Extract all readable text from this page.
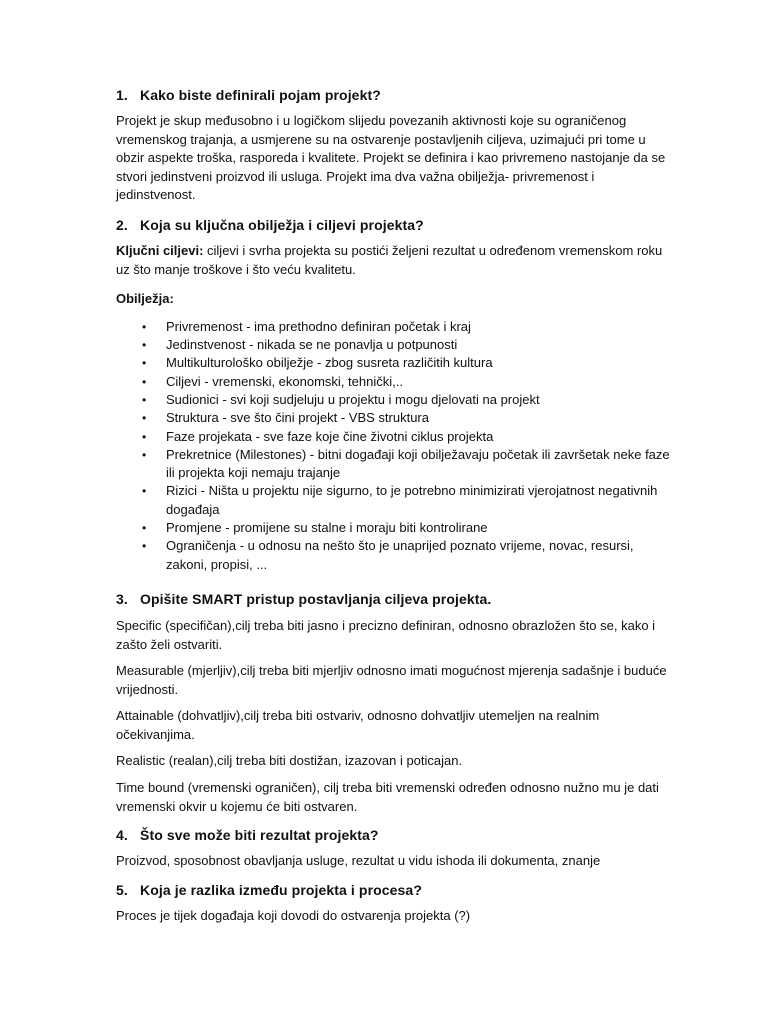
1. Kako biste definirali pojam projekt?

Projekt je skup međusobno i u logičkom slijedu povezanih aktivnosti koje su ograničenog vremenskog trajanja, a usmjerene su na ostvarenje postavljenih ciljeva, uzimajući pri tome u obzir aspekte troška, rasporeda i kvalitete. Projekt se definira i kao privremeno nastojanje da se stvori jedinstveni proizvod ili usluga. Projekt ima dva važna obilježja- privremenost i jedinstvenost.

2. Koja su ključna obilježja i ciljevi projekta?

Ključni ciljevi: ciljevi i svrha projekta su postići željeni rezultat u određenom vremenskom roku uz što manje troškove i što veću kvalitetu.

Obilježja:

• Privremenost - ima prethodno definiran početak i kraj
• Jedinstvenost - nikada se ne ponavlja u potpunosti
• Multikulturološko obilježje - zbog susreta različitih kultura
• Ciljevi - vremenski, ekonomski, tehnički,..
• Sudionici - svi koji sudjeluju u projektu i mogu djelovati na projekt
• Struktura - sve što čini projekt - VBS struktura
• Faze projekata - sve faze koje čine životni ciklus projekta
• Prekretnice (Milestones) - bitni događaji koji obilježavaju početak ili završetak neke faze ili projekta koji nemaju trajanje
• Rizici - Ništa u projektu nije sigurno, to je potrebno minimizirati vjerojatnost negativnih događaja
• Promjene - promijene su stalne i moraju biti kontrolirane
• Ograničenja - u odnosu na nešto što je unaprijed poznato vrijeme, novac, resursi, zakoni, propisi, ...
3. Opišite SMART pristup postavljanja ciljeva projekta.

Specific (specifičan),cilj treba biti jasno i precizno definiran, odnosno obrazložen što se, kako i zašto želi ostvariti.

Measurable (mjerljiv),cilj treba biti mjerljiv odnosno imati mogućnost mjerenja sadašnje i buduće vrijednosti.

Attainable (dohvatljiv),cilj treba biti ostvariv, odnosno dohvatljiv utemeljen na realnim očekivanjima.

Realistic (realan),cilj treba biti dostižan, izazovan i poticajan.

Time bound (vremenski ograničen), cilj treba biti vremenski određen odnosno nužno mu je dati vremenski okvir u kojemu će biti ostvaren.

4. Što sve može biti rezultat projekta?

Proizvod, sposobnost obavljanja usluge, rezultat u vidu ishoda ili dokumenta, znanje

5. Koja je razlika između projekta i procesa?

Proces je tijek događaja koji dovodi do ostvarenja projekta (?)
